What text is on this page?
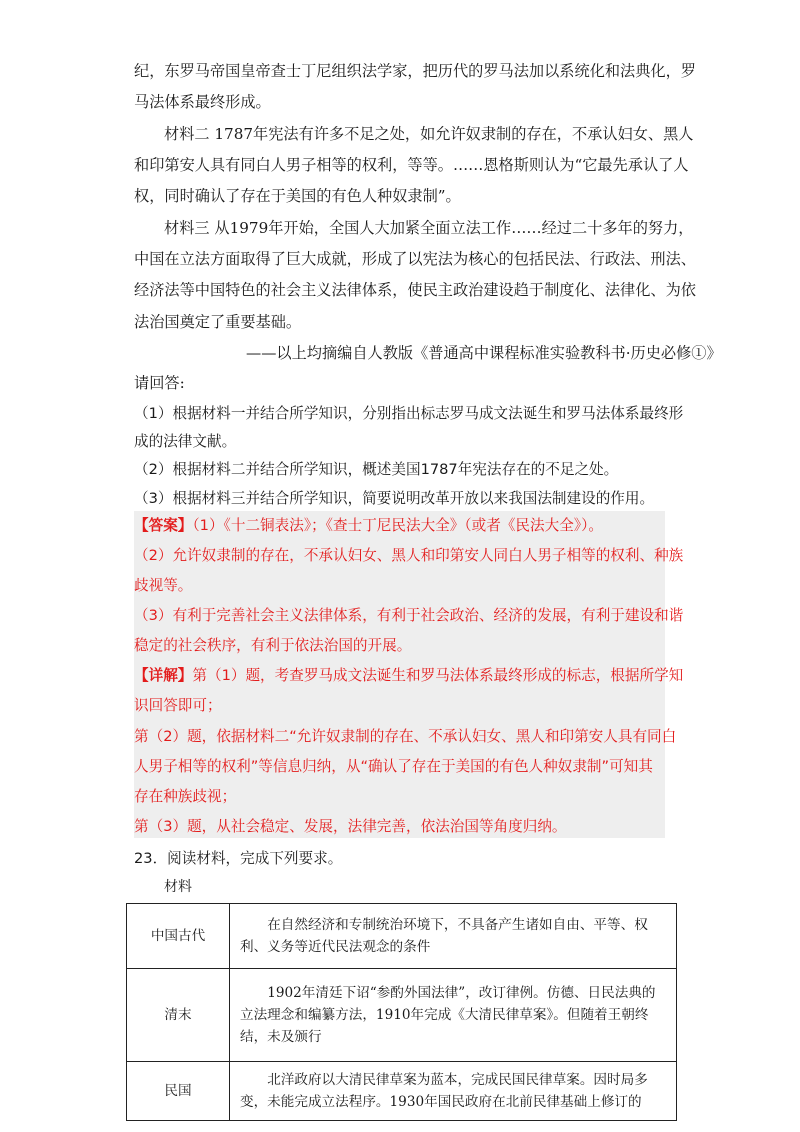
纪，东罗马帝国皇帝查士丁尼组织法学家，把历代的罗马法加以系统化和法典化，罗
马法体系最终形成。
材料二 1787年宪法有许多不足之处，如允许奴隶制的存在，不承认妇女、黑人
和印第安人具有同白人男子相等的权利，等等。……恩格斯则认为“它最先承认了人
权，同时确认了存在于美国的有色人种奴隶制”。
材料三 从1979年开始，全国人大加紧全面立法工作……经过二十多年的努力，
中国在立法方面取得了巨大成就，形成了以宪法为核心的包括民法、行政法、刑法、
经济法等中国特色的社会主义法律体系，使民主政治建设趋于制度化、法律化、为依
法治国奠定了重要基础。
——以上均摘编自人教版《普通高中课程标准实验教科书·历史必修①》
请回答:
（1）根据材料一并结合所学知识，分别指出标志罗马成文法诞生和罗马法体系最终形
成的法律文献。
（2）根据材料二并结合所学知识，概述美国1787年宪法存在的不足之处。
（3）根据材料三并结合所学知识，简要说明改革开放以来我国法制建设的作用。
【答案】（1）《十二铜表法》；《查士丁尼民法大全》（或者《民法大全》）。
（2）允许奴隶制的存在，不承认妇女、黑人和印第安人同白人男子相等的权利、种族
歧视等。
（3）有利于完善社会主义法律体系，有利于社会政治、经济的发展，有利于建设和谐
稳定的社会秩序，有利于依法治国的开展。
【详解】第（1）题，考查罗马成文法诞生和罗马法体系最终形成的标志，根据所学知
识回答即可；
第（2）题，依据材料二“允许奴隶制的存在、不承认妇女、黑人和印第安人具有同白
人男子相等的权利”等信息归纳，从“确认了存在于美国的有色人种奴隶制”可知其
存在种族歧视；
第（3）题，从社会稳定、发展，法律完善，依法治国等角度归纳。
23．阅读材料，完成下列要求。
材料
中国古代	在自然经济和专制统治环境下，不具备产生诸如自由、平等、权利、义务等近代民法观念的条件
清末	1902年清廷下诏“参酌外国法律”，改订律例。仿德、日民法典的立法理念和编纂方法，1910年完成《大清民律草案》。但随着王朝终结，未及颁行
民国	北洋政府以大清民律草案为蓝本，完成民国民律草案。因时局多变，未能完成立法程序。1930年国民政府在北前民律基础上修订的
